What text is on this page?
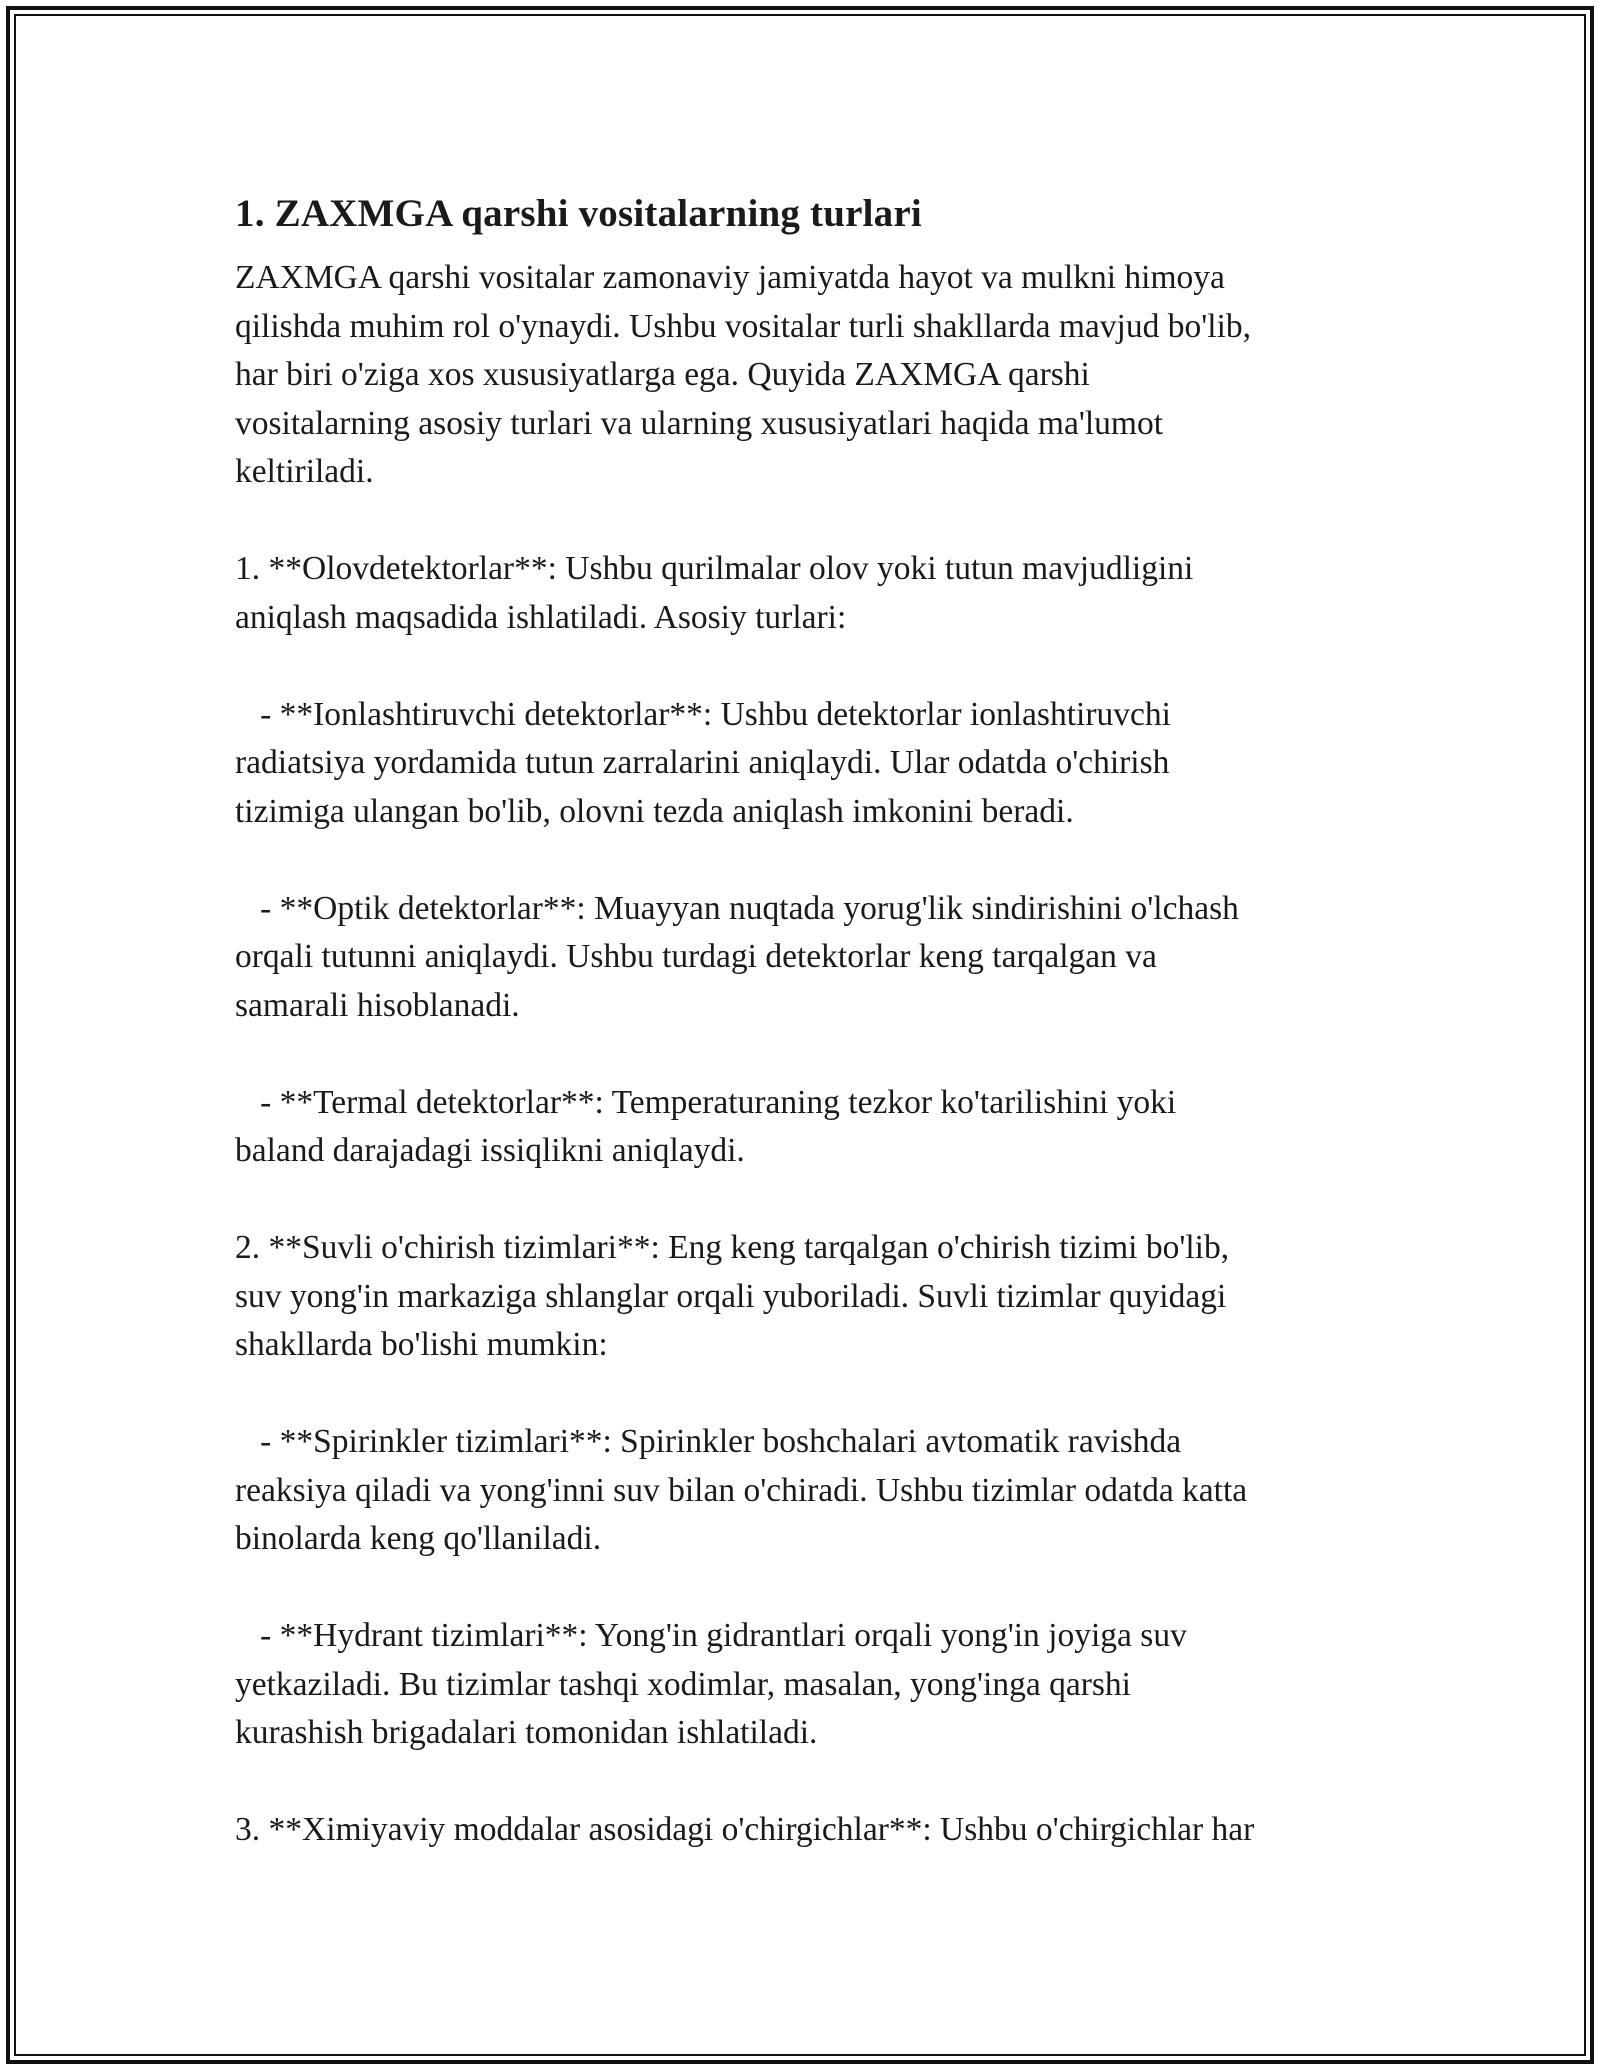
1. ZAXMGA qarshi vositalarning turlari

ZAXMGA qarshi vositalar zamonaviy jamiyatda hayot va mulkni himoya
qilishda muhim rol o'ynaydi. Ushbu vositalar turli shakllarda mavjud bo'lib,
har biri o'ziga xos xususiyatlarga ega. Quyida ZAXMGA qarshi
vositalarning asosiy turlari va ularning xususiyatlari haqida ma'lumot
keltiriladi.

1. **Olovdetektorlar**: Ushbu qurilmalar olov yoki tutun mavjudligini
aniqlash maqsadida ishlatiladi. Asosiy turlari:

- **Ionlashtiruvchi detektorlar**: Ushbu detektorlar ionlashtiruvchi
radiatsiya yordamida tutun zarralarini aniqlaydi. Ular odatda o'chirish
tizimiga ulangan bo'lib, olovni tezda aniqlash imkonini beradi.

- **Optik detektorlar**: Muayyan nuqtada yorug'lik sindirishini o'lchash
orqali tutunni aniqlaydi. Ushbu turdagi detektorlar keng tarqalgan va
samarali hisoblanadi.

- **Termal detektorlar**: Temperaturaning tezkor ko'tarilishini yoki
baland darajadagi issiqlikni aniqlaydi.

2. **Suvli o'chirish tizimlari**: Eng keng tarqalgan o'chirish tizimi bo'lib,
suv yong'in markaziga shlanglar orqali yuboriladi. Suvli tizimlar quyidagi
shakllarda bo'lishi mumkin:

- **Spirinkler tizimlari**: Spirinkler boshchalari avtomatik ravishda
reaksiya qiladi va yong'inni suv bilan o'chiradi. Ushbu tizimlar odatda katta
binolarda keng qo'llaniladi.

- **Hydrant tizimlari**: Yong'in gidrantlari orqali yong'in joyiga suv
yetkaziladi. Bu tizimlar tashqi xodimlar, masalan, yong'inga qarshi
kurashish brigadalari tomonidan ishlatiladi.

3. **Ximiyaviy moddalar asosidagi o'chirgichlar**: Ushbu o'chirgichlar har
